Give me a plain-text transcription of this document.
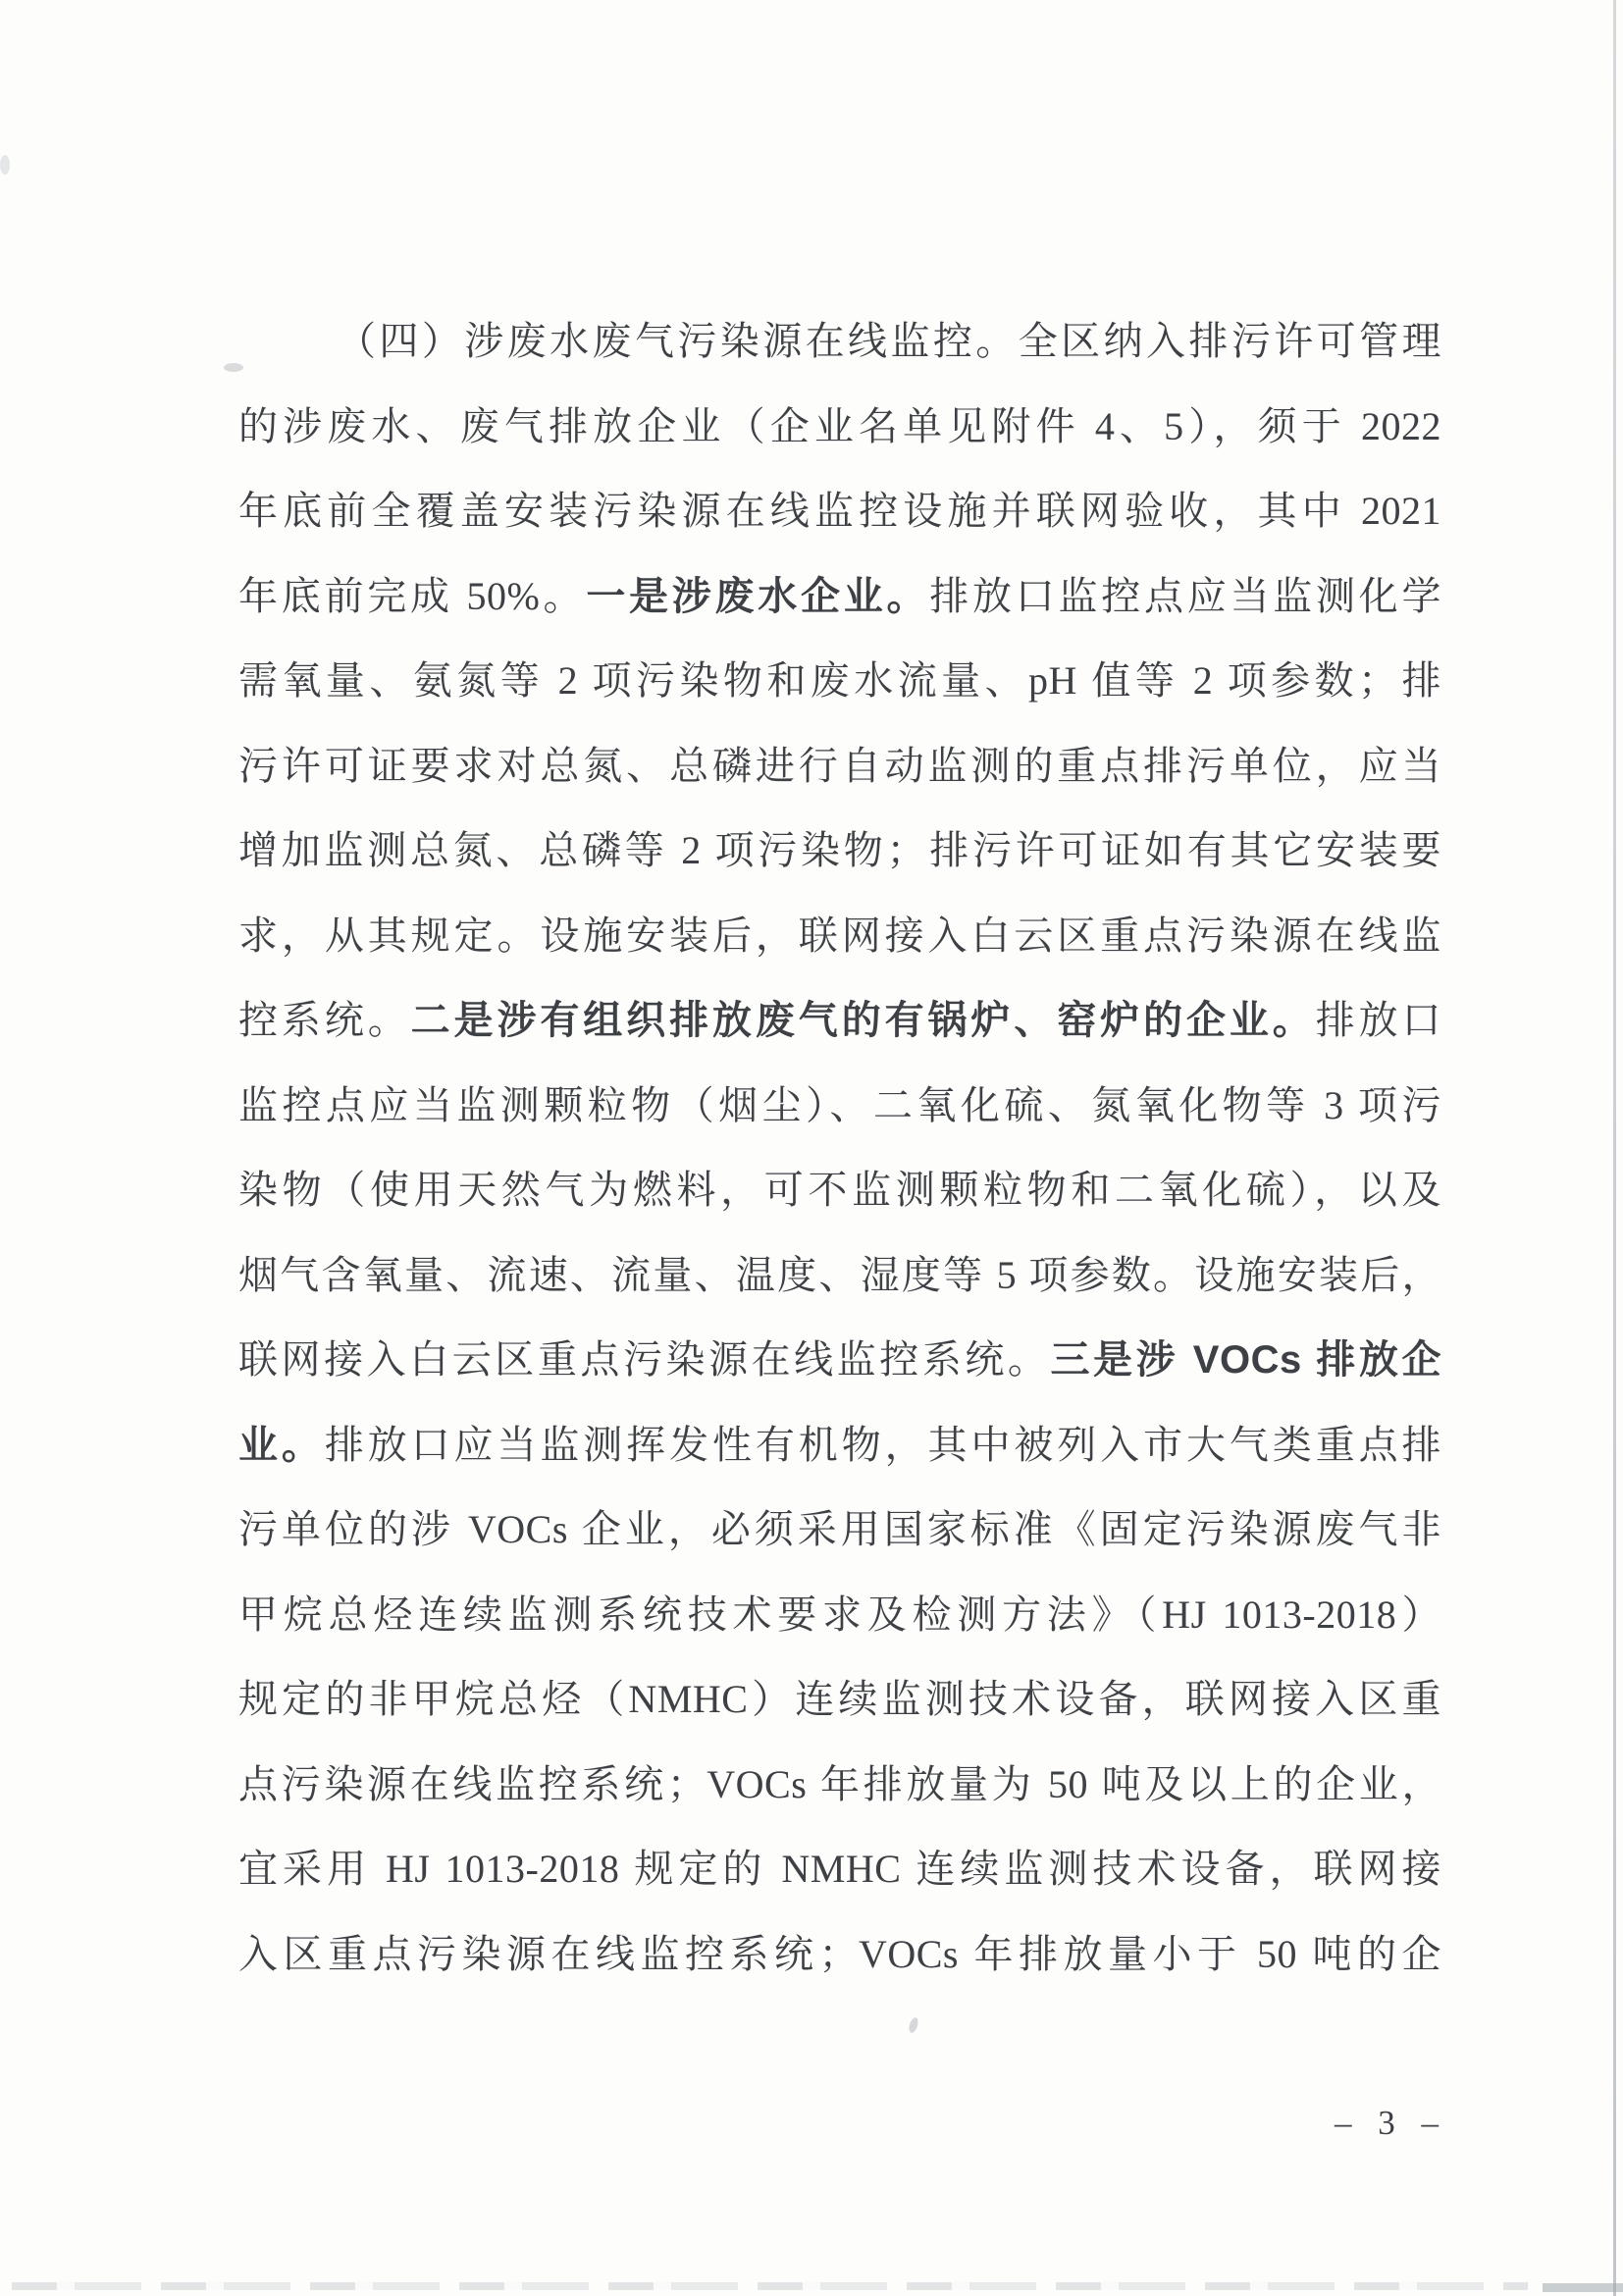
（四）涉废水废气污染源在线监控。全区纳入排污许可管理
的涉废水、废气排放企业（企业名单见附件 4、5），须于 2022
年底前全覆盖安装污染源在线监控设施并联网验收，其中 2021
年底前完成 50%。一是涉废水企业。排放口监控点应当监测化学
需氧量、氨氮等 2 项污染物和废水流量、pH 值等 2 项参数；排
污许可证要求对总氮、总磷进行自动监测的重点排污单位，应当
增加监测总氮、总磷等 2 项污染物；排污许可证如有其它安装要
求，从其规定。设施安装后，联网接入白云区重点污染源在线监
控系统。二是涉有组织排放废气的有锅炉、窑炉的企业。排放口
监控点应当监测颗粒物（烟尘）、二氧化硫、氮氧化物等 3 项污
染物（使用天然气为燃料，可不监测颗粒物和二氧化硫），以及
烟气含氧量、流速、流量、温度、湿度等 5 项参数。设施安装后，
联网接入白云区重点污染源在线监控系统。三是涉 VOCs 排放企
业。排放口应当监测挥发性有机物，其中被列入市大气类重点排
污单位的涉 VOCs 企业，必须采用国家标准《固定污染源废气非
甲烷总烃连续监测系统技术要求及检测方法》（HJ 1013-2018）
规定的非甲烷总烃（NMHC）连续监测技术设备，联网接入区重
点污染源在线监控系统；VOCs 年排放量为 50 吨及以上的企业，
宜采用 HJ 1013-2018 规定的 NMHC 连续监测技术设备，联网接
入区重点污染源在线监控系统；VOCs 年排放量小于 50 吨的企
– 3 –
